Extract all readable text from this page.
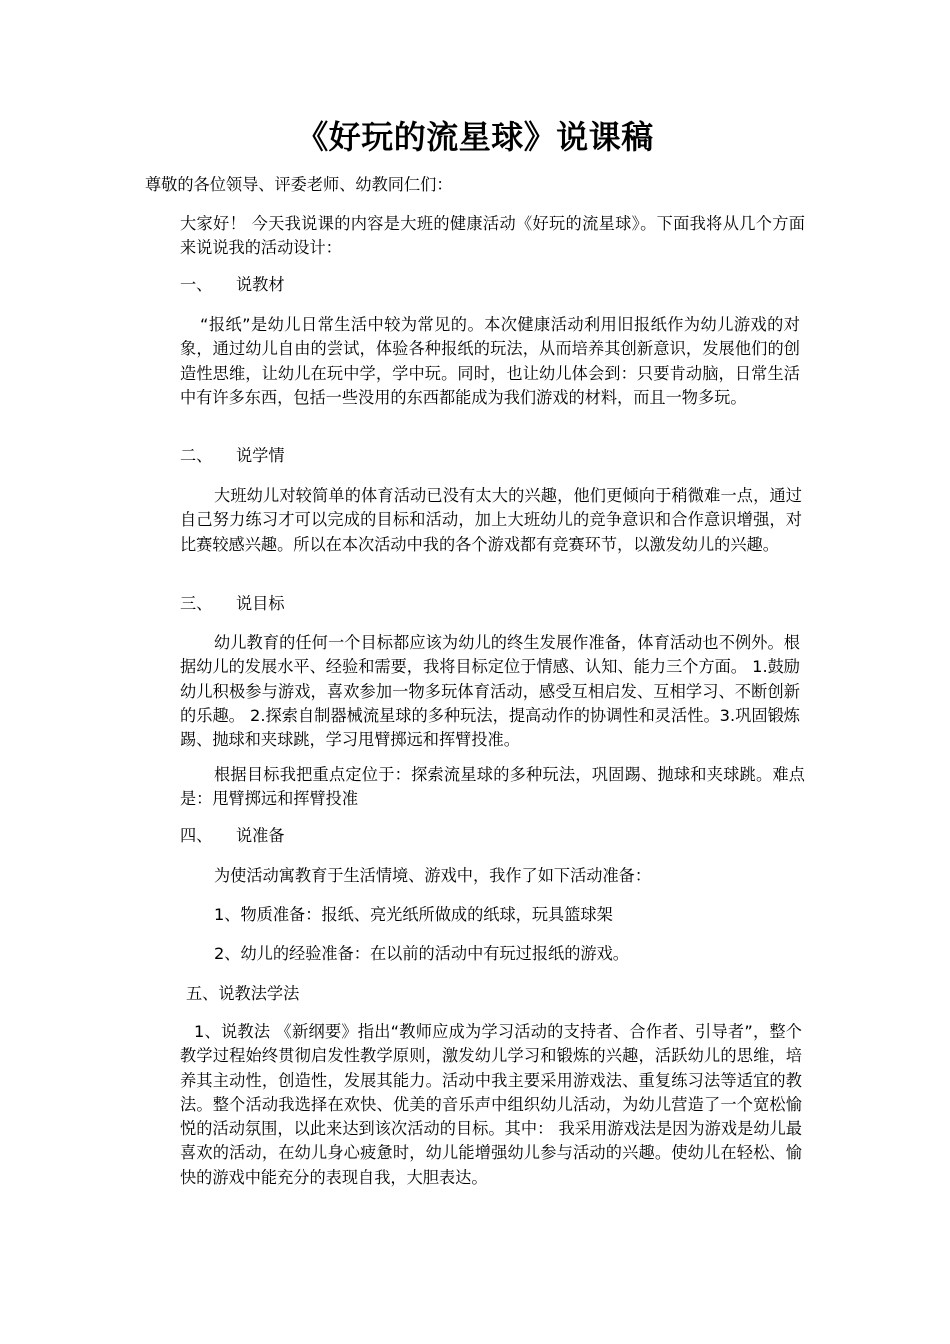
《好玩的流星球》说课稿
尊敬的各位领导、评委老师、幼教同仁们：
大家好！ 今天我说课的内容是大班的健康活动《好玩的流星球》。下面我将从几个方面来说说我的活动设计：
一、 说教材
“报纸”是幼儿日常生活中较为常见的。本次健康活动利用旧报纸作为幼儿游戏的对象，通过幼儿自由的尝试，体验各种报纸的玩法，从而培养其创新意识，发展他们的创造性思维，让幼儿在玩中学，学中玩。同时，也让幼儿体会到：只要肯动脑，日常生活中有许多东西，包括一些没用的东西都能成为我们游戏的材料，而且一物多玩。
二、 说学情
大班幼儿对较简单的体育活动已没有太大的兴趣，他们更倾向于稍微难一点，通过自己努力练习才可以完成的目标和活动，加上大班幼儿的竞争意识和合作意识增强，对比赛较感兴趣。所以在本次活动中我的各个游戏都有竞赛环节，以激发幼儿的兴趣。
三、 说目标
幼儿教育的任何一个目标都应该为幼儿的终生发展作准备，体育活动也不例外。根据幼儿的发展水平、经验和需要，我将目标定位于情感、认知、能力三个方面。 1.鼓励幼儿积极参与游戏，喜欢参加一物多玩体育活动，感受互相启发、互相学习、不断创新的乐趣。 2.探索自制器械流星球的多种玩法，提高动作的协调性和灵活性。3.巩固锻炼踢、抛球和夹球跳，学习甩臂掷远和挥臂投准。
根据目标我把重点定位于：探索流星球的多种玩法，巩固踢、抛球和夹球跳。难点是：甩臂掷远和挥臂投准
四、 说准备
为使活动寓教育于生活情境、游戏中，我作了如下活动准备：
1、物质准备：报纸、亮光纸所做成的纸球，玩具篮球架
2、幼儿的经验准备：在以前的活动中有玩过报纸的游戏。
五、说教法学法
1、说教法 《新纲要》指出“教师应成为学习活动的支持者、合作者、引导者”，整个教学过程始终贯彻启发性教学原则，激发幼儿学习和锻炼的兴趣，活跃幼儿的思维，培养其主动性，创造性，发展其能力。活动中我主要采用游戏法、重复练习法等适宜的教法。整个活动我选择在欢快、优美的音乐声中组织幼儿活动，为幼儿营造了一个宽松愉悦的活动氛围，以此来达到该次活动的目标。其中： 我采用游戏法是因为游戏是幼儿最喜欢的活动，在幼儿身心疲惫时，幼儿能增强幼儿参与活动的兴趣。使幼儿在轻松、愉快的游戏中能充分的表现自我，大胆表达。
